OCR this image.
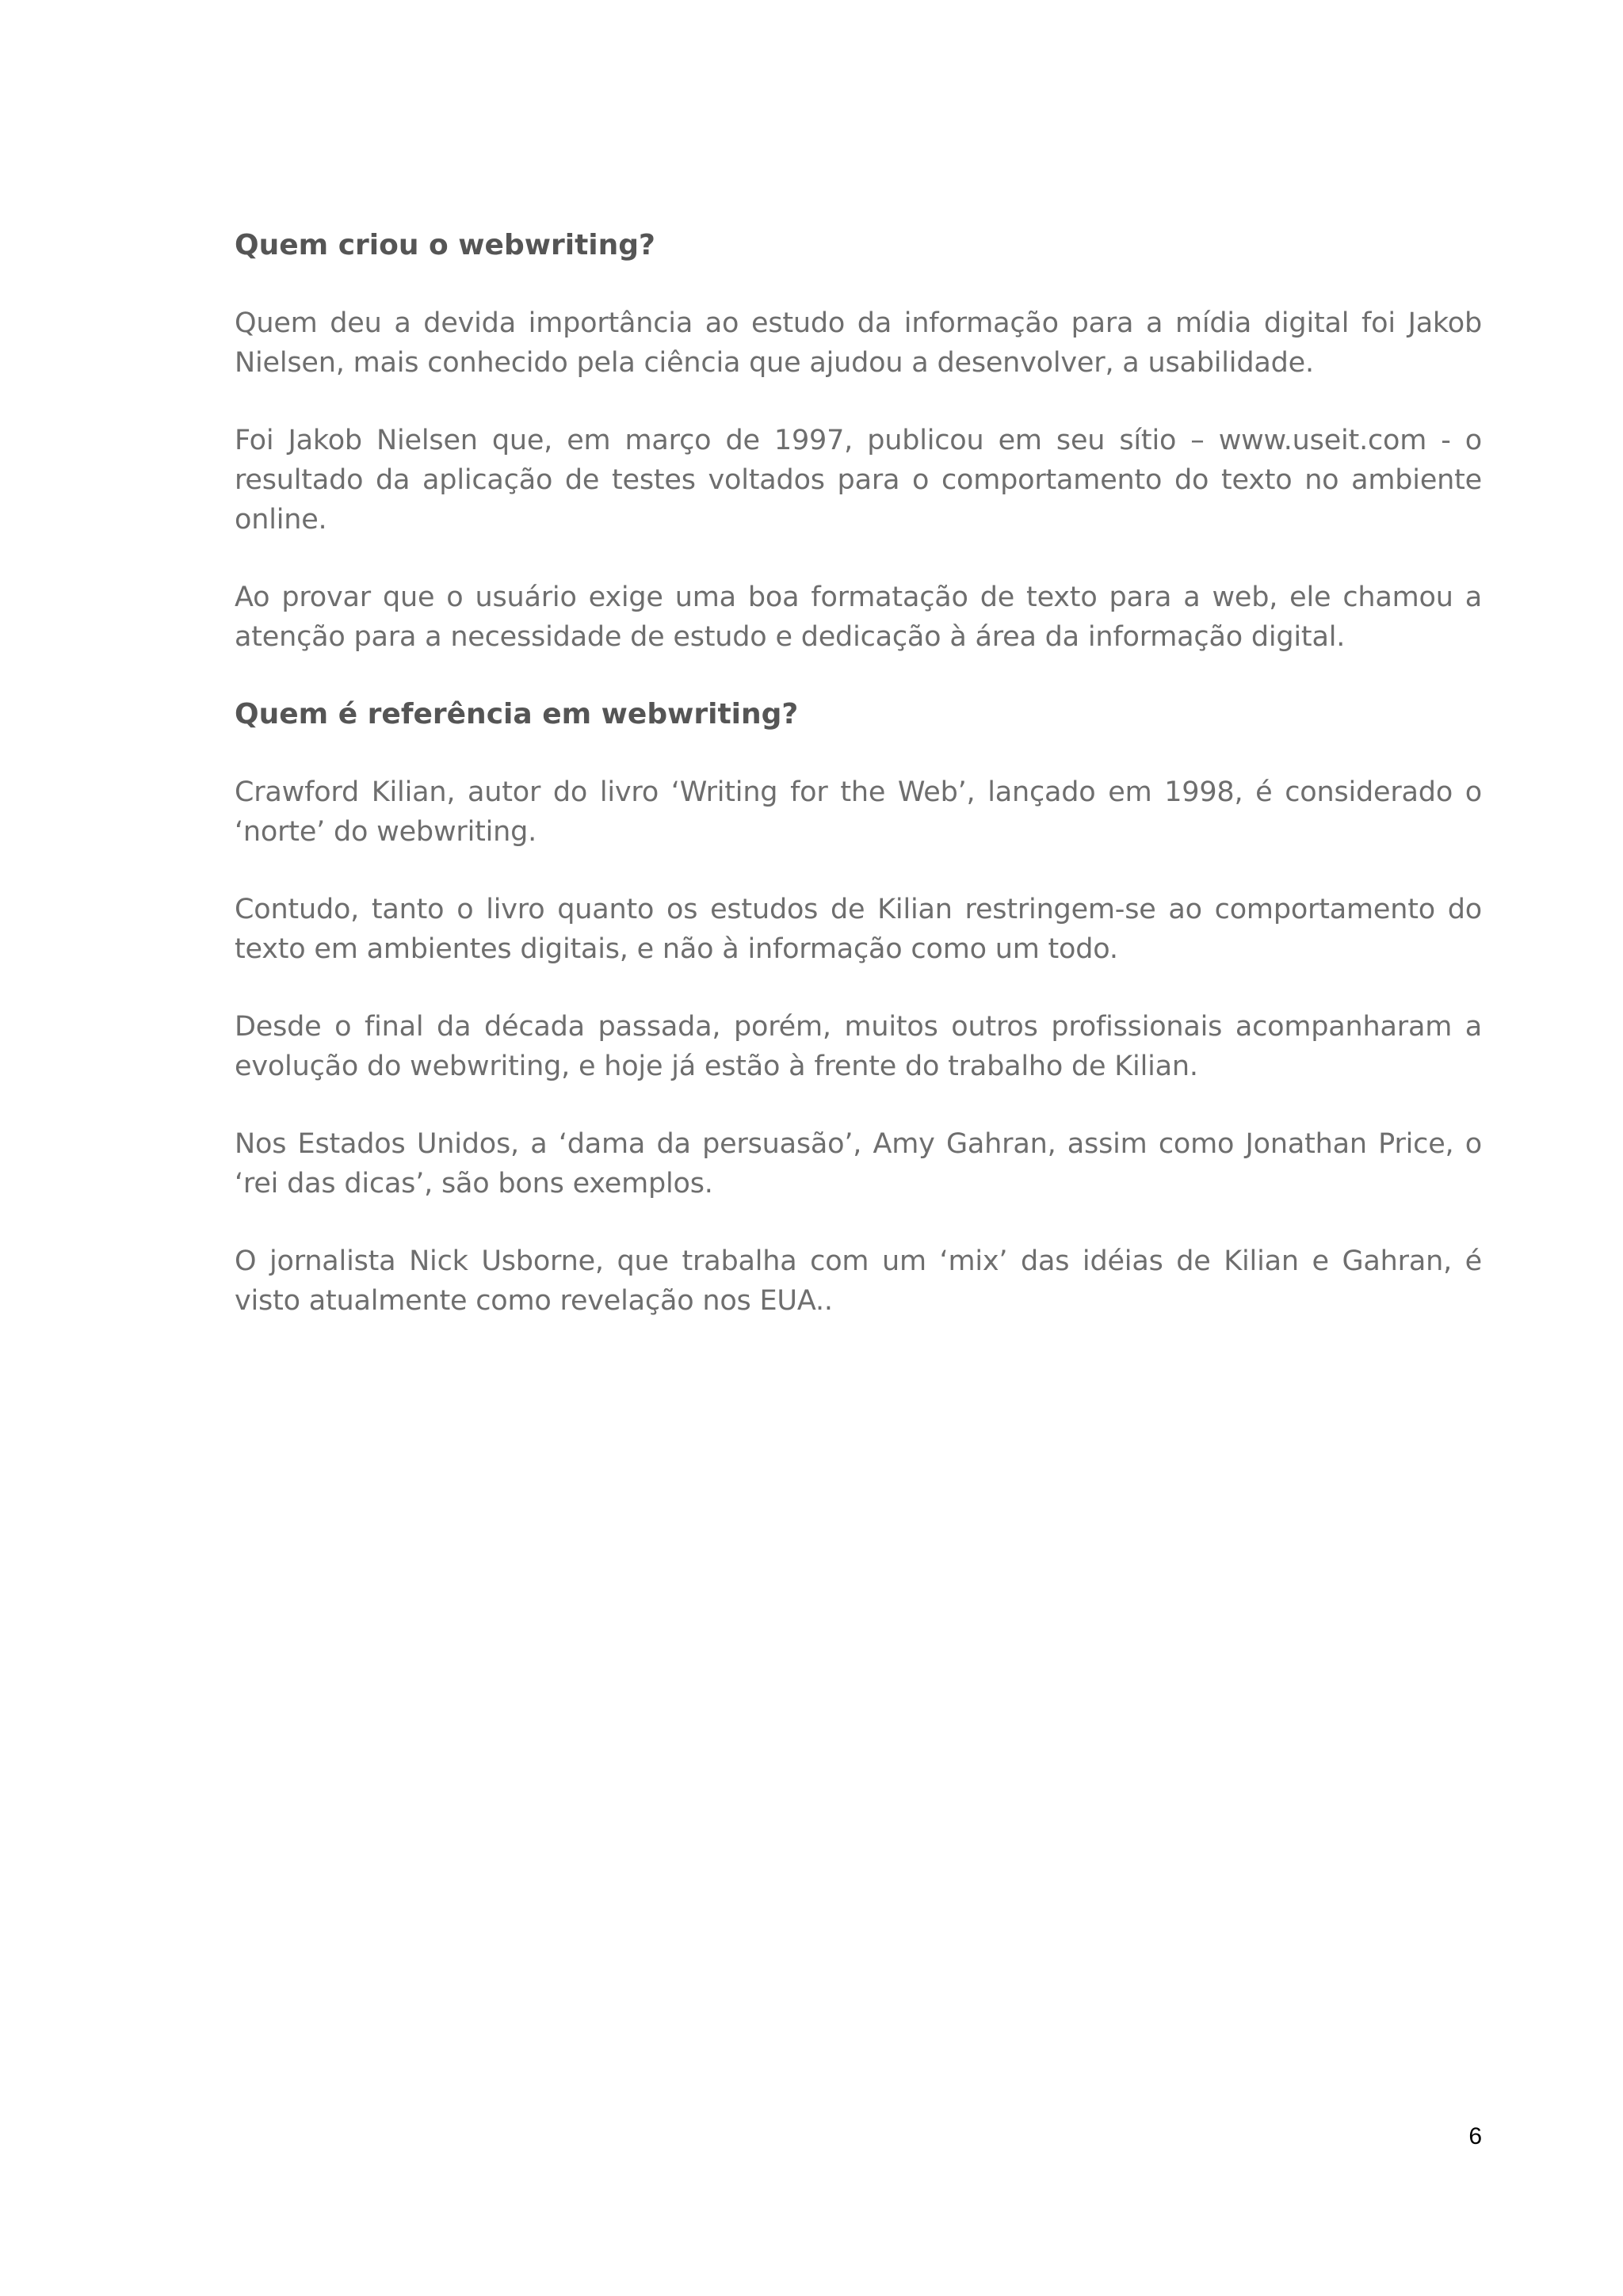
Quem criou o webwriting?

Quem deu a devida importância ao estudo da informação para a mídia digital foi Jakob Nielsen, mais conhecido pela ciência que ajudou a desenvolver, a usabilidade.

Foi Jakob Nielsen que, em março de 1997, publicou em seu sítio – www.useit.com - o resultado da aplicação de testes voltados para o comportamento do texto no ambiente online.

Ao provar que o usuário exige uma boa formatação de texto para a web, ele chamou a atenção para a necessidade de estudo e dedicação à área da informação digital.

Quem é referência em webwriting?

Crawford Kilian, autor do livro ‘Writing for the Web’, lançado em 1998, é considerado o ‘norte’ do webwriting.

Contudo, tanto o livro quanto os estudos de Kilian restringem-se ao comportamento do texto em ambientes digitais, e não à informação como um todo.

Desde o final da década passada, porém, muitos outros profissionais acompanharam a evolução do webwriting, e hoje já estão à frente do trabalho de Kilian.

Nos Estados Unidos, a ‘dama da persuasão’, Amy Gahran, assim como Jonathan Price, o ‘rei das dicas’, são bons exemplos.

O jornalista Nick Usborne, que trabalha com um ‘mix’ das idéias de Kilian e Gahran, é visto atualmente como revelação nos EUA..

6
